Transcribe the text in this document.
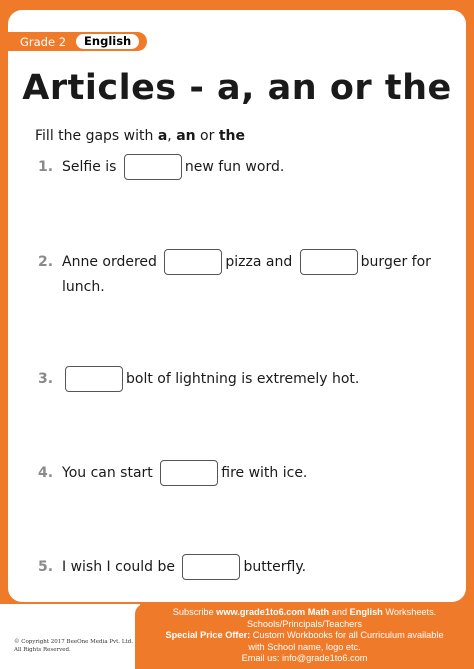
Grade 2	English
Articles - a, an or the
Fill the gaps with a, an or the
1. Selfie is	new fun word.
2. Anne ordered	pizza and	burger for
lunch.
3.	bolt of lightning is extremely hot.
4. You can start	fire with ice.
5. I wish I could be	butterfly.
© Copyright 2017 BeeOne Media Pvt. Ltd.
All Rights Reserved.
Subscribe www.grade1to6.com Math and English Worksheets.
Schools/Principals/Teachers
Special Price Offer: Custom Workbooks for all Curriculum available
with School name, logo etc.
Email us: info@grade1to6.com
